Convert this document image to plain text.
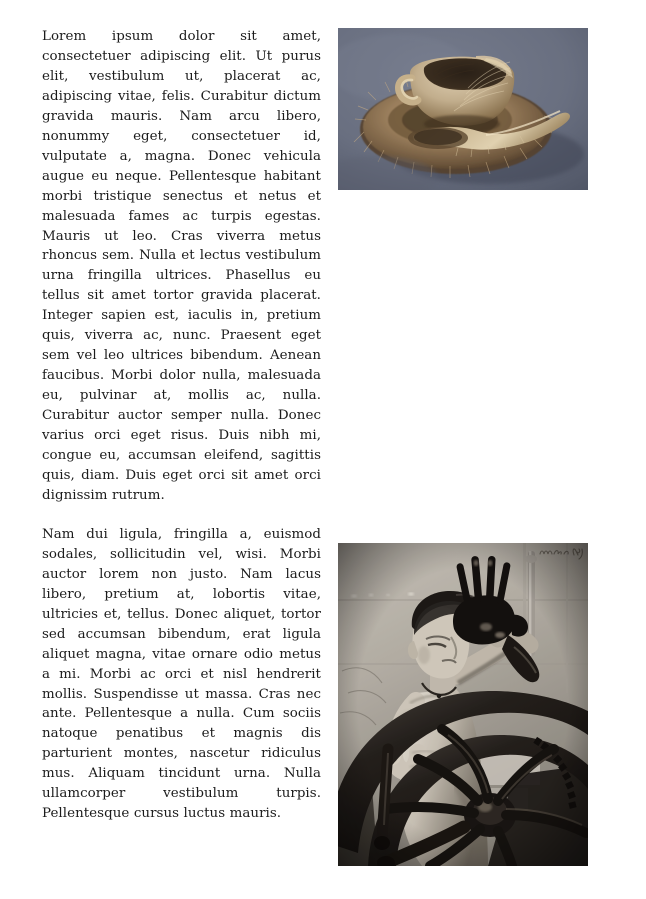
Lorem ipsum dolor sit amet, consectetuer adipiscing elit. Ut purus elit, vestibulum ut, placerat ac, adipiscing vitae, felis. Curabitur dictum gravida mauris. Nam arcu libero, nonummy eget, consectetuer id, vulputate a, magna. Donec vehicula augue eu neque. Pellentesque habitant morbi tristique senectus et netus et malesuada fames ac turpis egestas. Mauris ut leo. Cras viverra metus rhoncus sem. Nulla et lectus vestibulum urna fringilla ultrices. Phasellus eu tellus sit amet tortor gravida placerat. Integer sapien est, iaculis in, pretium quis, viverra ac, nunc. Praesent eget sem vel leo ultrices bibendum. Aenean faucibus. Morbi dolor nulla, malesuada eu, pulvinar at, mollis ac, nulla. Curabitur auctor semper nulla. Donec varius orci eget risus. Duis nibh mi, congue eu, accumsan eleifend, sagittis quis, diam. Duis eget orci sit amet orci dignissim rutrum.

Nam dui ligula, fringilla a, euismod sodales, sollicitudin vel, wisi. Morbi auctor lorem non justo. Nam lacus libero, pretium at, lobortis vitae, ultricies et, tellus. Donec aliquet, tortor sed accumsan bibendum, erat ligula aliquet magna, vitae ornare odio metus a mi. Morbi ac orci et nisl hendrerit mollis. Suspendisse ut massa. Cras nec ante. Pellentesque a nulla. Cum sociis natoque penatibus et magnis dis parturient montes, nascetur ridiculus mus. Aliquam tincidunt urna. Nulla ullamcorper vestibulum turpis. Pellentesque cursus luctus mauris.
